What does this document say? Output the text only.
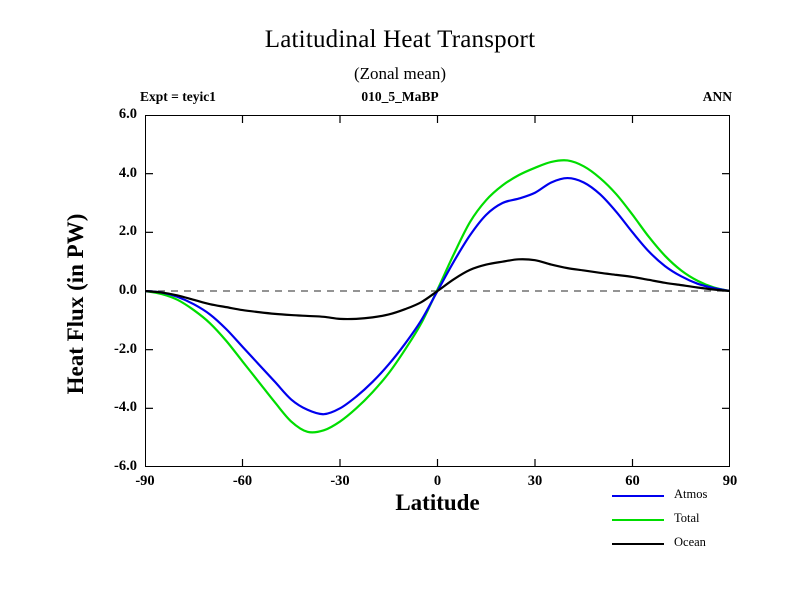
Latitudinal Heat Transport
(Zonal mean)
Expt = teyic1	010_5_MaBP	ANN
-6.0
-4.0
-2.0
0.0
2.0
4.0
6.0
-90	-60	-30	0	30	60	90
Heat Flux (in PW)
Latitude	Atmos
Total
Ocean
